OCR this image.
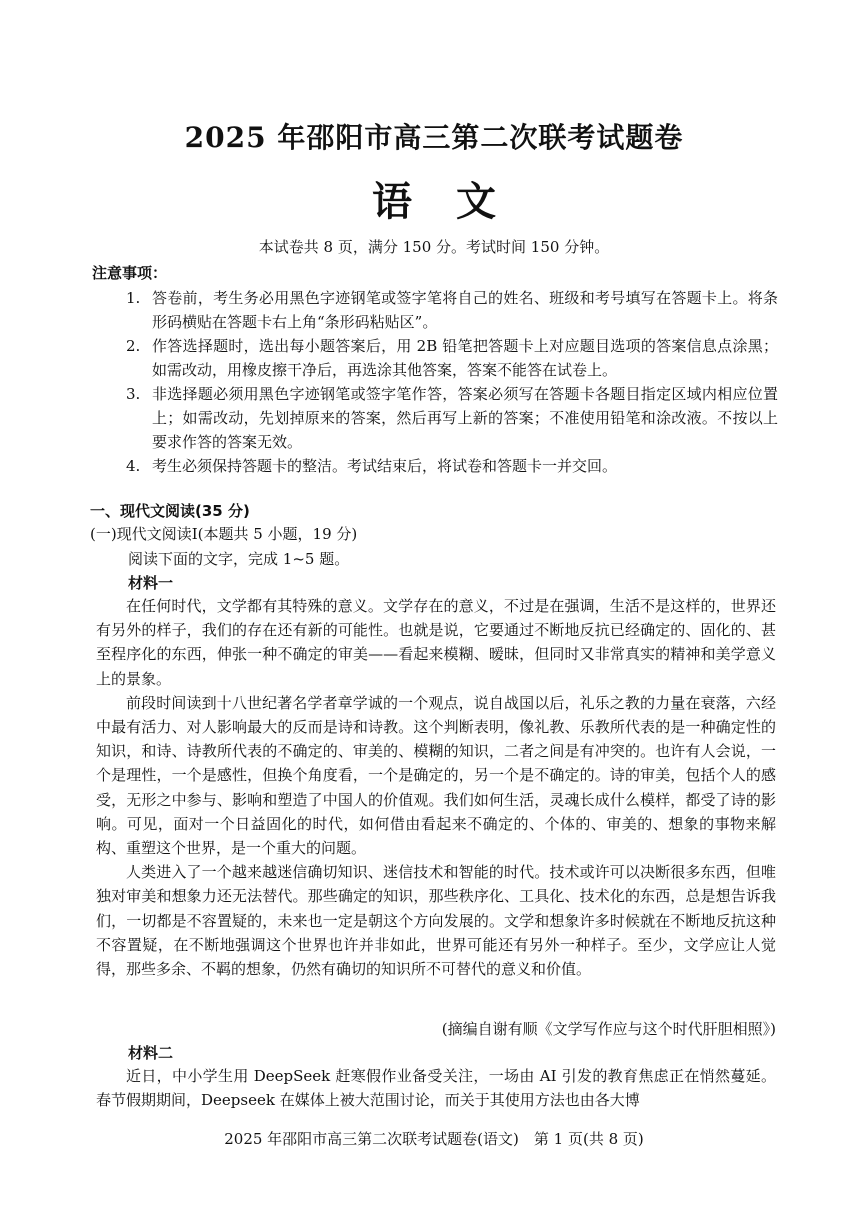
2025 年邵阳市高三第二次联考试题卷
语文
本试卷共 8 页，满分 150 分。考试时间 150 分钟。
注意事项：
1. 答卷前，考生务必用黑色字迹钢笔或签字笔将自己的姓名、班级和考号填写在答题卡上。将条形码横贴在答题卡右上角“条形码粘贴区”。
2. 作答选择题时，选出每小题答案后，用 2B 铅笔把答题卡上对应题目选项的答案信息点涂黑；如需改动，用橡皮擦干净后，再选涂其他答案，答案不能答在试卷上。
3. 非选择题必须用黑色字迹钢笔或签字笔作答，答案必须写在答题卡各题目指定区域内相应位置上；如需改动，先划掉原来的答案，然后再写上新的答案；不准使用铅笔和涂改液。不按以上要求作答的答案无效。
4. 考生必须保持答题卡的整洁。考试结束后，将试卷和答题卡一并交回。
一、现代文阅读(35 分)
(一)现代文阅读Ⅰ(本题共 5 小题，19 分)
阅读下面的文字，完成 1~5 题。
材料一

在任何时代，文学都有其特殊的意义。文学存在的意义，不过是在强调，生活不是这样的，世界还有另外的样子，我们的存在还有新的可能性。也就是说，它要通过不断地反抗已经确定的、固化的、甚至程序化的东西，伸张一种不确定的审美——看起来模糊、暧昧，但同时又非常真实的精神和美学意义上的景象。

前段时间读到十八世纪著名学者章学诚的一个观点，说自战国以后，礼乐之教的力量在衰落，六经中最有活力、对人影响最大的反而是诗和诗教。这个判断表明，像礼教、乐教所代表的是一种确定性的知识，和诗、诗教所代表的不确定的、审美的、模糊的知识，二者之间是有冲突的。也许有人会说，一个是理性，一个是感性，但换个角度看，一个是确定的，另一个是不确定的。诗的审美，包括个人的感受，无形之中参与、影响和塑造了中国人的价值观。我们如何生活，灵魂长成什么模样，都受了诗的影响。可见，面对一个日益固化的时代，如何借由看起来不确定的、个体的、审美的、想象的事物来解构、重塑这个世界，是一个重大的问题。

人类进入了一个越来越迷信确切知识、迷信技术和智能的时代。技术或许可以决断很多东西，但唯独对审美和想象力还无法替代。那些确定的知识，那些秩序化、工具化、技术化的东西，总是想告诉我们，一切都是不容置疑的，未来也一定是朝这个方向发展的。文学和想象许多时候就在不断地反抗这种不容置疑，在不断地强调这个世界也许并非如此，世界可能还有另外一种样子。至少，文学应让人觉得，那些多余、不羁的想象，仍然有确切的知识所不可替代的意义和价值。

(摘编自谢有顺《文学写作应与这个时代肝胆相照》)
材料二

近日，中小学生用 DeepSeek 赶寒假作业备受关注，一场由 AI 引发的教育焦虑正在悄然蔓延。春节假期期间，Deepseek 在媒体上被大范围讨论，而关于其使用方法也由各大博

2025 年邵阳市高三第二次联考试题卷(语文)　第 1 页(共 8 页)
